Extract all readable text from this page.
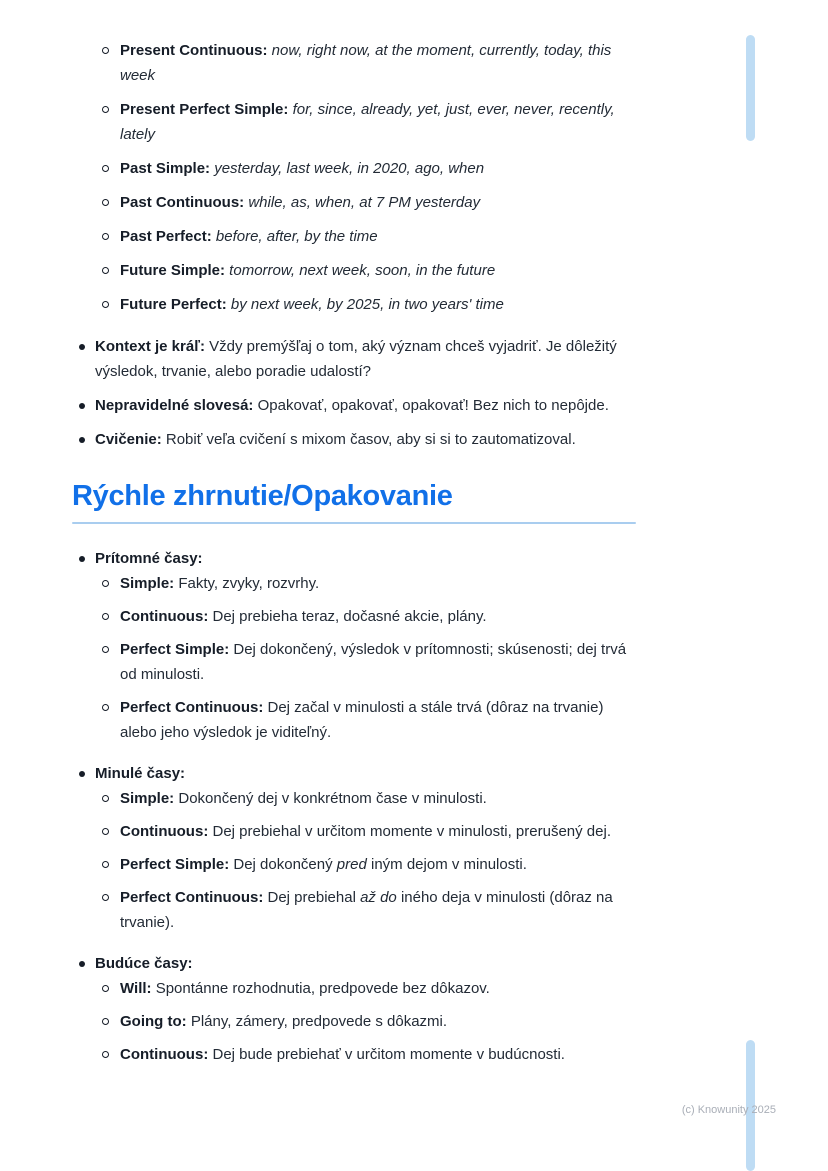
Present Continuous: now, right now, at the moment, currently, today, this week
Present Perfect Simple: for, since, already, yet, just, ever, never, recently, lately
Past Simple: yesterday, last week, in 2020, ago, when
Past Continuous: while, as, when, at 7 PM yesterday
Past Perfect: before, after, by the time
Future Simple: tomorrow, next week, soon, in the future
Future Perfect: by next week, by 2025, in two years' time
Kontext je kráľ: Vždy premýšľaj o tom, aký význam chceš vyjadriť. Je dôležitý výsledok, trvanie, alebo poradie udalostí?
Nepravidelné slovesá: Opakovať, opakovať, opakovať! Bez nich to nepôjde.
Cvičenie: Robiť veľa cvičení s mixom časov, aby si si to zautomatizoval.
Rýchle zhrnutie/Opakovanie
Prítomné časy:
Simple: Fakty, zvyky, rozvrhy.
Continuous: Dej prebieha teraz, dočasné akcie, plány.
Perfect Simple: Dej dokončený, výsledok v prítomnosti; skúsenosti; dej trvá od minulosti.
Perfect Continuous: Dej začal v minulosti a stále trvá (dôraz na trvanie) alebo jeho výsledok je viditeľný.
Minulé časy:
Simple: Dokončený dej v konkrétnom čase v minulosti.
Continuous: Dej prebiehal v určitom momente v minulosti, prerušený dej.
Perfect Simple: Dej dokončený pred iným dejom v minulosti.
Perfect Continuous: Dej prebiehal až do iného deja v minulosti (dôraz na trvanie).
Budúce časy:
Will: Spontánne rozhodnutia, predpovede bez dôkazov.
Going to: Plány, zámery, predpovede s dôkazmi.
Continuous: Dej bude prebiehať v určitom momente v budúcnosti.
(c) Knowunity 2025
